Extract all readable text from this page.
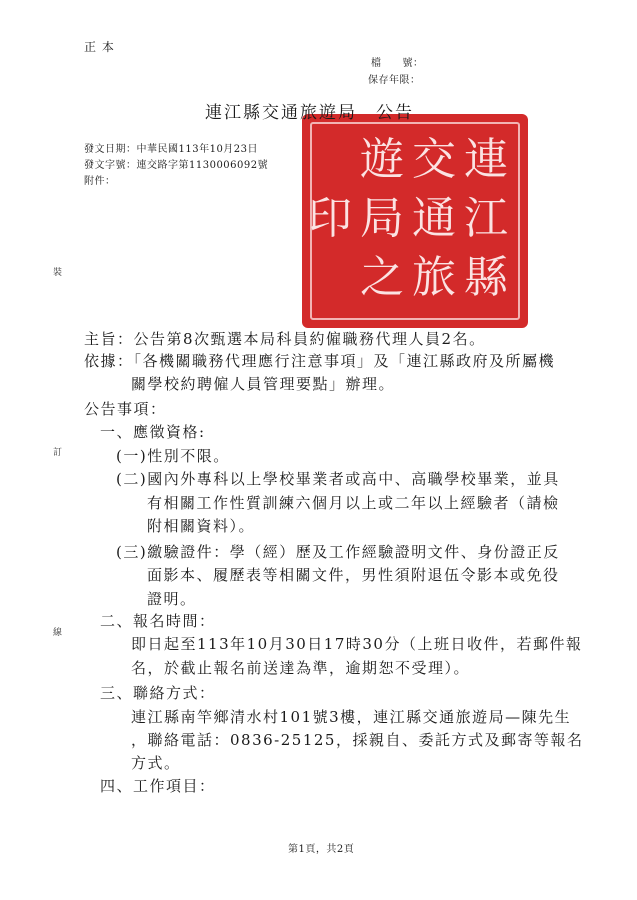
正 本
檔　　號：
保存年限：
連江縣
交通旅
遊局之
印
連江縣交通旅遊局　公告
發文日期：中華民國113年10月23日
發文字號：連交路字第1130006092號
附件：
裝
訂
線
主旨：公告第8次甄選本局科員約僱職務代理人員2名。
依據：「各機關職務代理應行注意事項」及「連江縣政府及所屬機
關學校約聘僱人員管理要點」辦理。
公告事項：
一、應徵資格:
(一)性別不限。
(二)國內外專科以上學校畢業者或高中、高職學校畢業，並具
有相關工作性質訓練六個月以上或二年以上經驗者（請檢
附相關資料）。
(三)繳驗證件：學（經）歷及工作經驗證明文件、身份證正反
面影本、履歷表等相關文件，男性須附退伍令影本或免役
證明。
二、報名時間：
即日起至113年10月30日17時30分（上班日收件，若郵件報
名，於截止報名前送達為準，逾期恕不受理）。
三、聯絡方式：
連江縣南竿鄉清水村101號3樓，連江縣交通旅遊局—陳先生
，聯絡電話：0836-25125，採親自、委託方式及郵寄等報名
方式。
四、工作項目：
第1頁，共2頁
